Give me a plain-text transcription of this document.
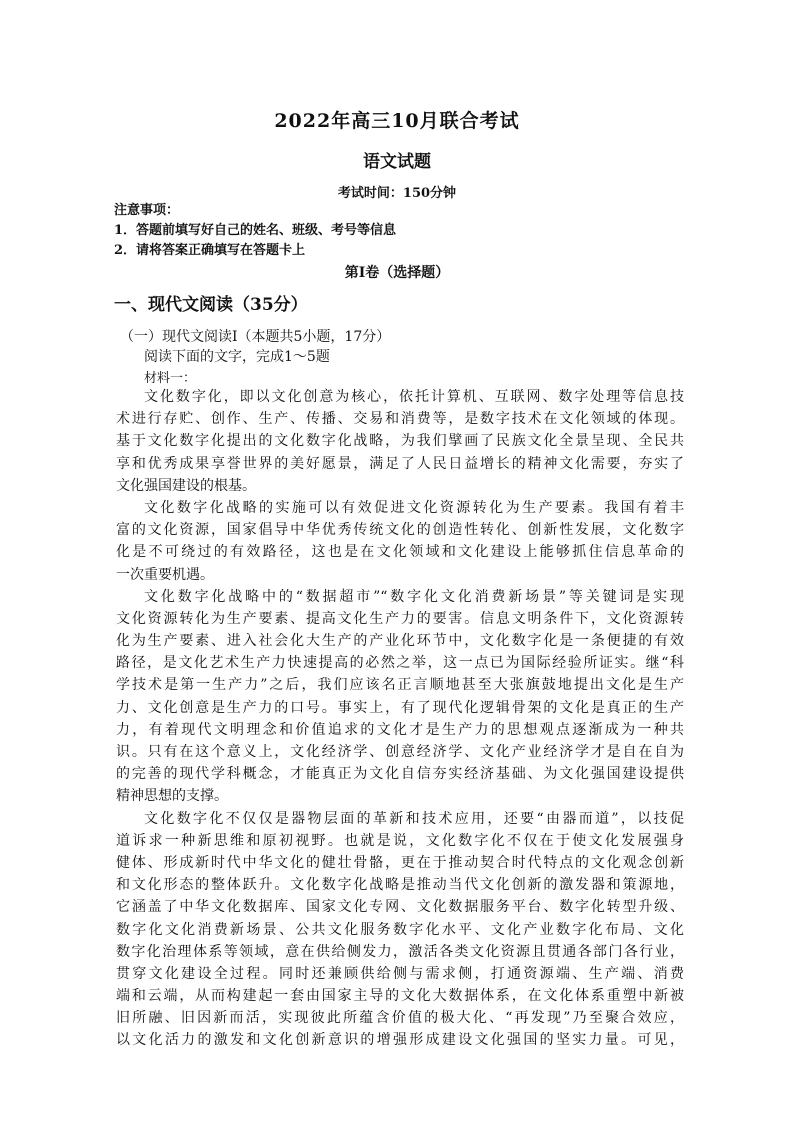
2022年高三10月联合考试
语文试题
考试时间：150分钟
注意事项：
1．答题前填写好自己的姓名、班级、考号等信息
2．请将答案正确填写在答题卡上
第I卷（选择题）
一、现代文阅读（35分）
（一）现代文阅读Ⅰ（本题共5小题，17分）
阅读下面的文字，完成1～5题
材料一：
文化数字化，即以文化创意为核心，依托计算机、互联网、数字处理等信息技
术进行存贮、创作、生产、传播、交易和消费等，是数字技术在文化领域的体现。
基于文化数字化提出的文化数字化战略，为我们擘画了民族文化全景呈现、全民共
享和优秀成果享誉世界的美好愿景，满足了人民日益增长的精神文化需要，夯实了
文化强国建设的根基。
文化数字化战略的实施可以有效促进文化资源转化为生产要素。我国有着丰
富的文化资源，国家倡导中华优秀传统文化的创造性转化、创新性发展，文化数字
化是不可绕过的有效路径，这也是在文化领域和文化建设上能够抓住信息革命的
一次重要机遇。
文化数字化战略中的“数据超市”“数字化文化消费新场景”等关键词是实现
文化资源转化为生产要素、提高文化生产力的要害。信息文明条件下，文化资源转
化为生产要素、进入社会化大生产的产业化环节中，文化数字化是一条便捷的有效
路径，是文化艺术生产力快速提高的必然之举，这一点已为国际经验所证实。继“科
学技术是第一生产力”之后，我们应该名正言顺地甚至大张旗鼓地提出文化是生产
力、文化创意是生产力的口号。事实上，有了现代化逻辑骨架的文化是真正的生产
力，有着现代文明理念和价值追求的文化才是生产力的思想观点逐渐成为一种共
识。只有在这个意义上，文化经济学、创意经济学、文化产业经济学才是自在自为
的完善的现代学科概念，才能真正为文化自信夯实经济基础、为文化强国建设提供
精神思想的支撑。
文化数字化不仅仅是器物层面的革新和技术应用，还要“由器而道”，以技促
道诉求一种新思维和原初视野。也就是说，文化数字化不仅在于使文化发展强身
健体、形成新时代中华文化的健壮骨骼，更在于推动契合时代特点的文化观念创新
和文化形态的整体跃升。文化数字化战略是推动当代文化创新的激发器和策源地，
它涵盖了中华文化数据库、国家文化专网、文化数据服务平台、数字化转型升级、
数字化文化消费新场景、公共文化服务数字化水平、文化产业数字化布局、文化
数字化治理体系等领域，意在供给侧发力，激活各类文化资源且贯通各部门各行业，
贯穿文化建设全过程。同时还兼顾供给侧与需求侧，打通资源端、生产端、消费
端和云端，从而构建起一套由国家主导的文化大数据体系，在文化体系重塑中新被
旧所融、旧因新而活，实现彼此所蕴含价值的极大化、“再发现”乃至聚合效应，
以文化活力的激发和文化创新意识的增强形成建设文化强国的坚实力量。可见，
